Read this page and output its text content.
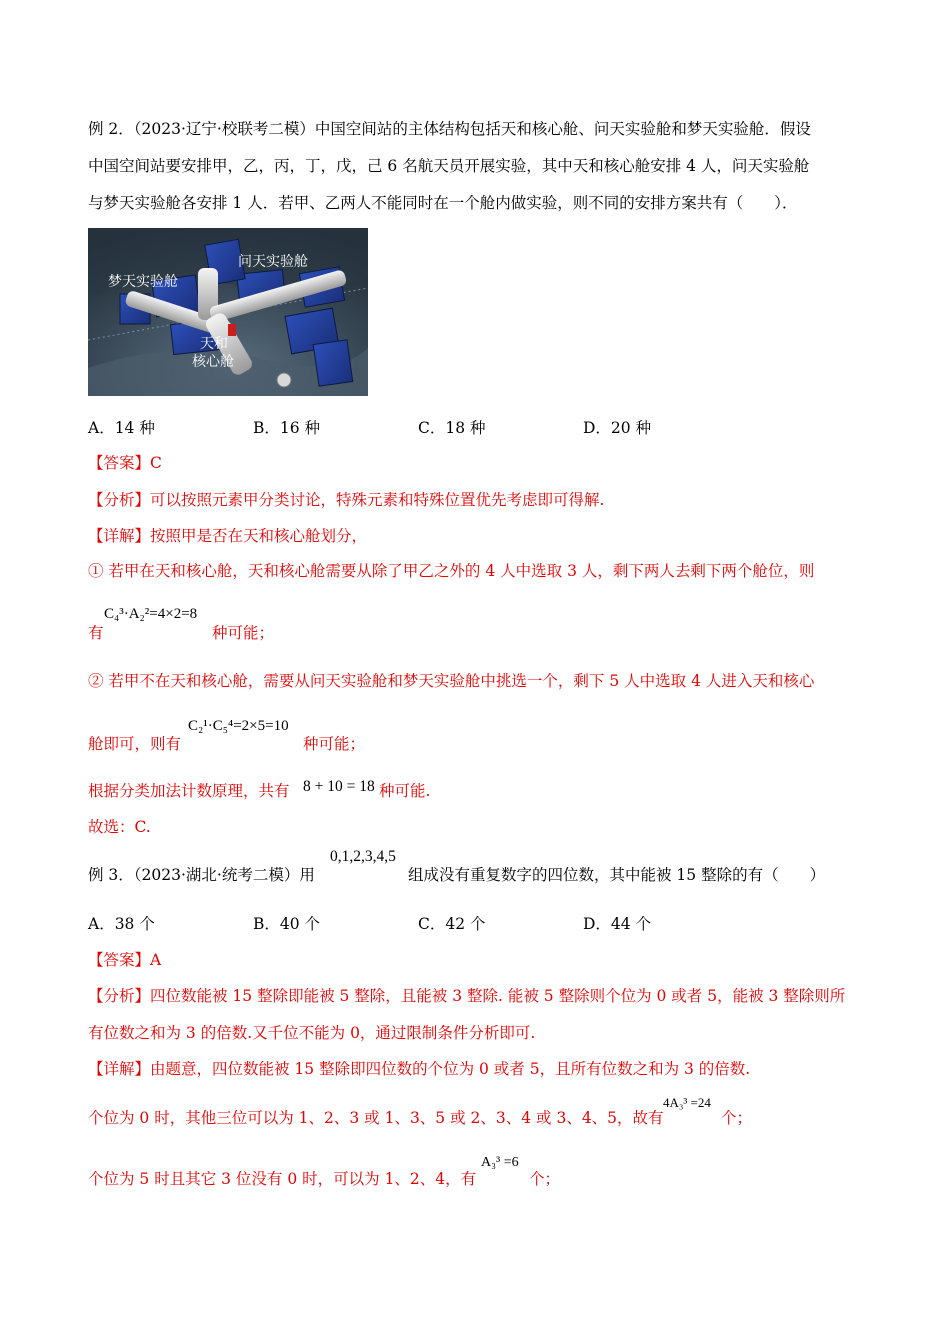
例 2．（2023·辽宁·校联考二模）中国空间站的主体结构包括天和核心舱、问天实验舱和梦天实验舱．假设
中国空间站要安排甲，乙，丙，丁，戊，己 6 名航天员开展实验，其中天和核心舱安排 4 人，问天实验舱
与梦天实验舱各安排 1 人．若甲、乙两人不能同时在一个舱内做实验，则不同的安排方案共有（　　）．
梦天实验舱
问天实验舱
天和
核心舱
A．14 种	B．16 种	C．18 种	D．20 种
【答案】C
【分析】可以按照元素甲分类讨论，特殊元素和特殊位置优先考虑即可得解.
【详解】按照甲是否在天和核心舱划分，
① 若甲在天和核心舱，天和核心舱需要从除了甲乙之外的 4 人中选取 3 人，剩下两人去剩下两个舱位，则
有
C₄³·A₂²=4×2=8
种可能；
② 若甲不在天和核心舱，需要从问天实验舱和梦天实验舱中挑选一个，剩下 5 人中选取 4 人进入天和核心
舱即可，则有
C₂¹·C₅⁴=2×5=10
种可能；
根据分类加法计数原理，共有 8 + 10 = 18 种可能.
故选：C.
例 3．（2023·湖北·统考二模）用
0,1,2,3,4,5
组成没有重复数字的四位数，其中能被 15 整除的有（　　）
A．38 个	B．40 个	C．42 个	D．44 个
【答案】A
【分析】四位数能被 15 整除即能被 5 整除，且能被 3 整除. 能被 5 整除则个位为 0 或者 5，能被 3 整除则所
有位数之和为 3 的倍数.又千位不能为 0，通过限制条件分析即可.
【详解】由题意，四位数能被 15 整除即四位数的个位为 0 或者 5，且所有位数之和为 3 的倍数.
个位为 0 时，其他三位可以为 1、2、3 或 1、3、5 或 2、3、4 或 3、4、5，故有
4A₃³ =24
个；
个位为 5 时且其它 3 位没有 0 时，可以为 1、2、4，有
A₃³ =6
个；
